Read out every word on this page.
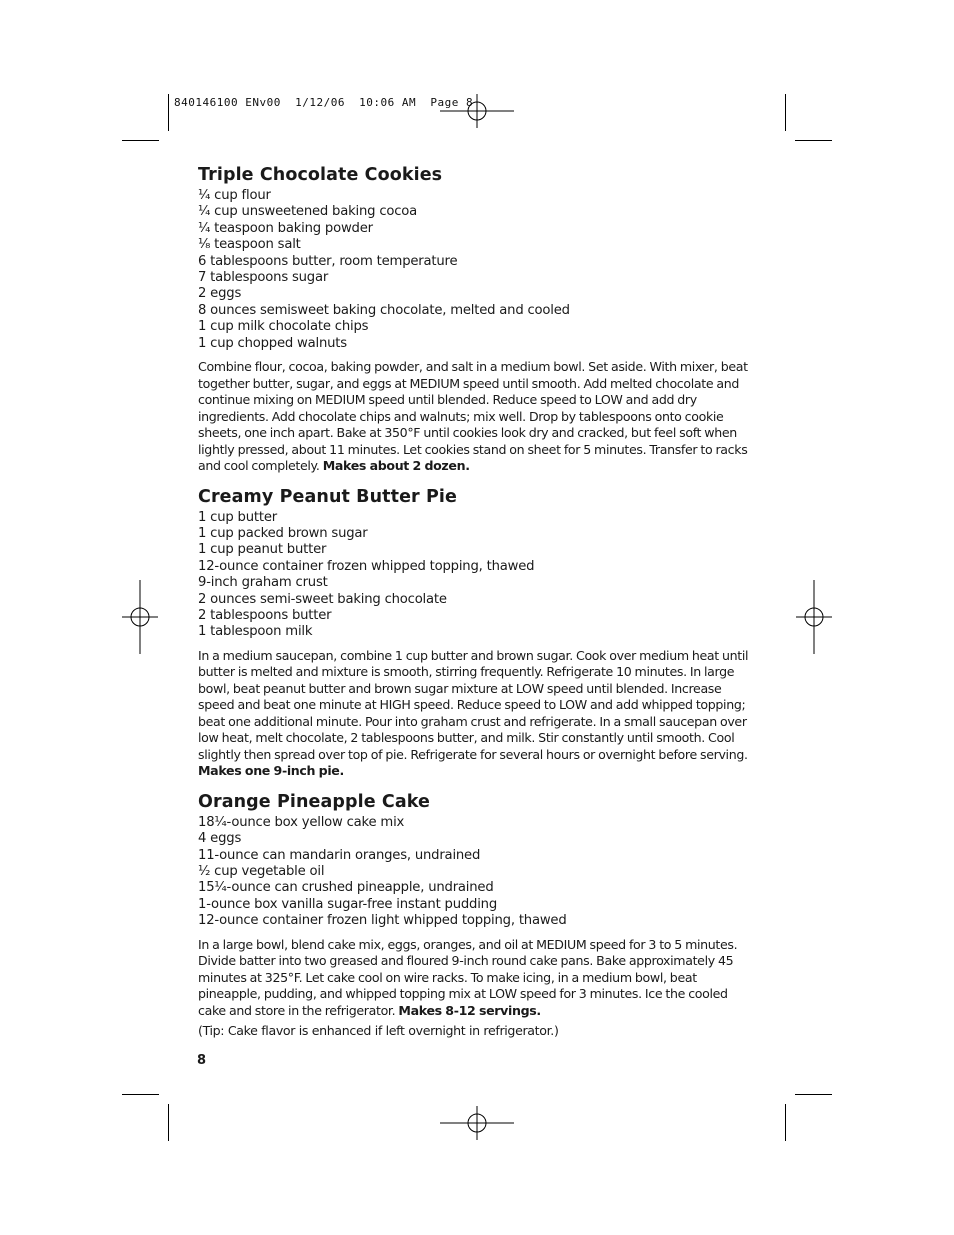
840146100 ENv00  1/12/06  10:06 AM  Page 8
Triple Chocolate Cookies
¹⁄₄ cup flour
¹⁄₄ cup unsweetened baking cocoa
¹⁄₄ teaspoon baking powder
¹⁄₈ teaspoon salt
6 tablespoons butter, room temperature
7 tablespoons sugar
2 eggs
8 ounces semisweet baking chocolate, melted and cooled
1 cup milk chocolate chips
1 cup chopped walnuts

Combine flour, cocoa, baking powder, and salt in a medium bowl. Set aside. With mixer, beat together butter, sugar, and eggs at MEDIUM speed until smooth. Add melted chocolate and continue mixing on MEDIUM speed until blended. Reduce speed to LOW and add dry ingredients. Add chocolate chips and walnuts; mix well. Drop by tablespoons onto cookie sheets, one inch apart. Bake at 350°F until cookies look dry and cracked, but feel soft when lightly pressed, about 11 minutes. Let cookies stand on sheet for 5 minutes. Transfer to racks and cool completely. Makes about 2 dozen.

Creamy Peanut Butter Pie
1 cup butter
1 cup packed brown sugar
1 cup peanut butter
12-ounce container frozen whipped topping, thawed
9-inch graham crust
2 ounces semi-sweet baking chocolate
2 tablespoons butter
1 tablespoon milk

In a medium saucepan, combine 1 cup butter and brown sugar. Cook over medium heat until butter is melted and mixture is smooth, stirring frequently. Refrigerate 10 minutes. In large bowl, beat peanut butter and brown sugar mixture at LOW speed until blended. Increase speed and beat one minute at HIGH speed. Reduce speed to LOW and add whipped topping; beat one additional minute. Pour into graham crust and refrigerate. In a small saucepan over low heat, melt chocolate, 2 tablespoons butter, and milk. Stir constantly until smooth. Cool slightly then spread over top of pie. Refrigerate for several hours or overnight before serving. Makes one 9-inch pie.

Orange Pineapple Cake
18¹⁄₄-ounce box yellow cake mix
4 eggs
11-ounce can mandarin oranges, undrained
¹⁄₂ cup vegetable oil
15¹⁄₄-ounce can crushed pineapple, undrained
1-ounce box vanilla sugar-free instant pudding
12-ounce container frozen light whipped topping, thawed

In a large bowl, blend cake mix, eggs, oranges, and oil at MEDIUM speed for 3 to 5 minutes. Divide batter into two greased and floured 9-inch round cake pans. Bake approximately 45 minutes at 325°F. Let cake cool on wire racks. To make icing, in a medium bowl, beat pineapple, pudding, and whipped topping mix at LOW speed for 3 minutes. Ice the cooled cake and store in the refrigerator. Makes 8-12 servings.

(Tip: Cake flavor is enhanced if left overnight in refrigerator.)

8
